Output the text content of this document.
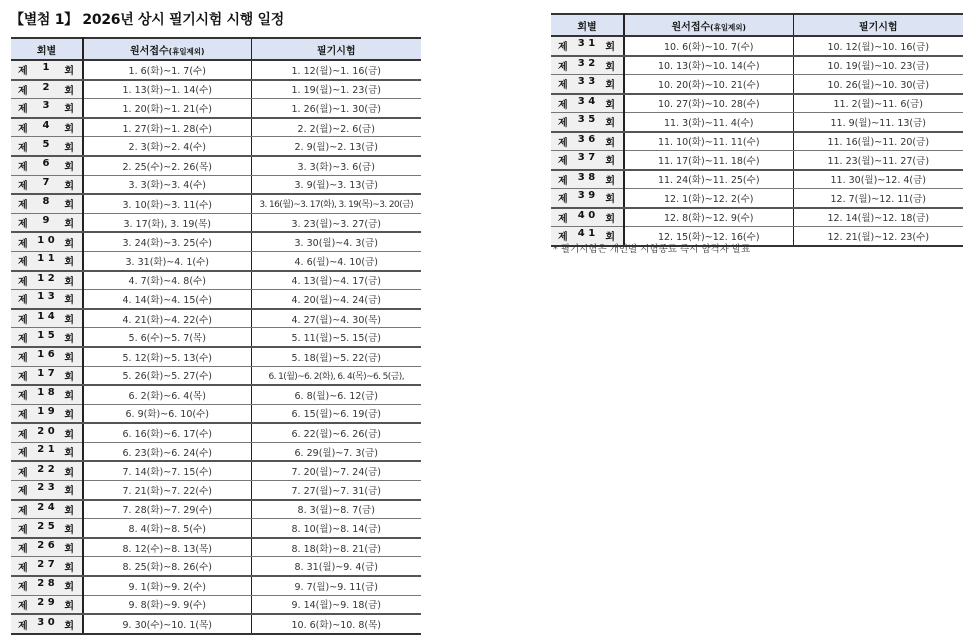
【별첨 1】 2026년 상시 필기시험 시행 일정
회별	원서접수(휴일제외)	필기시험

제 1 회	1. 6(화)~1. 7(수)	1. 12(월)~1. 16(금)

제 2 회	1. 13(화)~1. 14(수)	1. 19(월)~1. 23(금)

제 3 회	1. 20(화)~1. 21(수)	1. 26(월)~1. 30(금)

제 4 회	1. 27(화)~1. 28(수)	2. 2(월)~2. 6(금)

제 5 회	2. 3(화)~2. 4(수)	2. 9(월)~2. 13(금)

제 6 회	2. 25(수)~2. 26(목)	3. 3(화)~3. 6(금)

제 7 회	3. 3(화)~3. 4(수)	3. 9(월)~3. 13(금)

제 8 회	3. 10(화)~3. 11(수)	3. 16(월)~3. 17(화), 3. 19(목)~3. 20(금)

제 9 회	3. 17(화), 3. 19(목)	3. 23(월)~3. 27(금)

제 1 0 회	3. 24(화)~3. 25(수)	3. 30(월)~4. 3(금)

제 1 1 회	3. 31(화)~4. 1(수)	4. 6(월)~4. 10(금)

제 1 2 회	4. 7(화)~4. 8(수)	4. 13(월)~4. 17(금)

제 1 3 회	4. 14(화)~4. 15(수)	4. 20(월)~4. 24(금)

제 1 4 회	4. 21(화)~4. 22(수)	4. 27(월)~4. 30(목)

제 1 5 회	5. 6(수)~5. 7(목)	5. 11(월)~5. 15(금)

제 1 6 회	5. 12(화)~5. 13(수)	5. 18(월)~5. 22(금)

제 1 7 회	5. 26(화)~5. 27(수)	6. 1(월)~6. 2(화), 6. 4(목)~6. 5(금),

제 1 8 회	6. 2(화)~6. 4(목)	6. 8(월)~6. 12(금)

제 1 9 회	6. 9(화)~6. 10(수)	6. 15(월)~6. 19(금)

제 2 0 회	6. 16(화)~6. 17(수)	6. 22(월)~6. 26(금)

제 2 1 회	6. 23(화)~6. 24(수)	6. 29(월)~7. 3(금)

제 2 2 회	7. 14(화)~7. 15(수)	7. 20(월)~7. 24(금)

제 2 3 회	7. 21(화)~7. 22(수)	7. 27(월)~7. 31(금)

제 2 4 회	7. 28(화)~7. 29(수)	8. 3(월)~8. 7(금)

제 2 5 회	8. 4(화)~8. 5(수)	8. 10(월)~8. 14(금)

제 2 6 회	8. 12(수)~8. 13(목)	8. 18(화)~8. 21(금)

제 2 7 회	8. 25(화)~8. 26(수)	8. 31(월)~9. 4(금)

제 2 8 회	9. 1(화)~9. 2(수)	9. 7(월)~9. 11(금)

제 2 9 회	9. 8(화)~9. 9(수)	9. 14(월)~9. 18(금)

제 3 0 회	9. 30(수)~10. 1(목)	10. 6(화)~10. 8(목)
회별	원서접수(휴일제외)	필기시험

제 3 1 회	10. 6(화)~10. 7(수)	10. 12(월)~10. 16(금)

제 3 2 회	10. 13(화)~10. 14(수)	10. 19(월)~10. 23(금)

제 3 3 회	10. 20(화)~10. 21(수)	10. 26(월)~10. 30(금)

제 3 4 회	10. 27(화)~10. 28(수)	11. 2(월)~11. 6(금)

제 3 5 회	11. 3(화)~11. 4(수)	11. 9(월)~11. 13(금)

제 3 6 회	11. 10(화)~11. 11(수)	11. 16(월)~11. 20(금)

제 3 7 회	11. 17(화)~11. 18(수)	11. 23(월)~11. 27(금)

제 3 8 회	11. 24(화)~11. 25(수)	11. 30(월)~12. 4(금)

제 3 9 회	12. 1(화)~12. 2(수)	12. 7(월)~12. 11(금)

제 4 0 회	12. 8(화)~12. 9(수)	12. 14(월)~12. 18(금)

제 4 1 회	12. 15(화)~12. 16(수)	12. 21(월)~12. 23(수)
* 필기시험은 개인별 시험종료 즉시 합격자 발표
